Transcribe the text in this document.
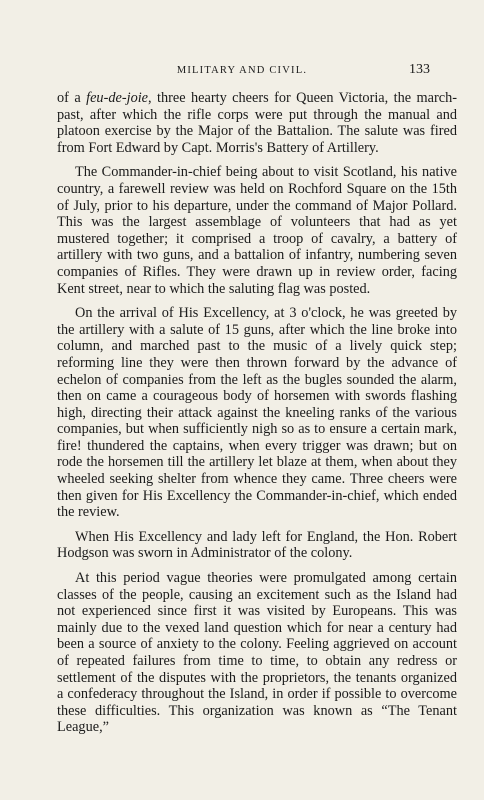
MILITARY AND CIVIL.	133

of a feu-de-joie, three hearty cheers for Queen Victoria, the march-past, after which the rifle corps were put through the manual and platoon exercise by the Major of the Battalion. The salute was fired from Fort Edward by Capt. Morris's Battery of Artillery.

The Commander-in-chief being about to visit Scotland, his native country, a farewell review was held on Rochford Square on the 15th of July, prior to his departure, under the command of Major Pollard. This was the largest assemblage of volunteers that had as yet mustered together; it comprised a troop of cavalry, a battery of artillery with two guns, and a battalion of infantry, numbering seven companies of Rifles. They were drawn up in review order, facing Kent street, near to which the saluting flag was posted.

On the arrival of His Excellency, at 3 o'clock, he was greeted by the artillery with a salute of 15 guns, after which the line broke into column, and marched past to the music of a lively quick step; reforming line they were then thrown forward by the advance of echelon of companies from the left as the bugles sounded the alarm, then on came a courageous body of horsemen with swords flashing high, directing their attack against the kneeling ranks of the various companies, but when sufficiently nigh so as to ensure a certain mark, fire! thundered the captains, when every trigger was drawn; but on rode the horsemen till the artillery let blaze at them, when about they wheeled seeking shelter from whence they came. Three cheers were then given for His Excellency the Commander-in-chief, which ended the review.

When His Excellency and lady left for England, the Hon. Robert Hodgson was sworn in Administrator of the colony.

At this period vague theories were promulgated among certain classes of the people, causing an excitement such as the Island had not experienced since first it was visited by Europeans. This was mainly due to the vexed land question which for near a century had been a source of anxiety to the colony. Feeling aggrieved on account of repeated failures from time to time, to obtain any redress or settlement of the disputes with the proprietors, the tenants organized a confederacy throughout the Island, in order if possible to overcome these difficulties. This organization was known as “The Tenant League,”
